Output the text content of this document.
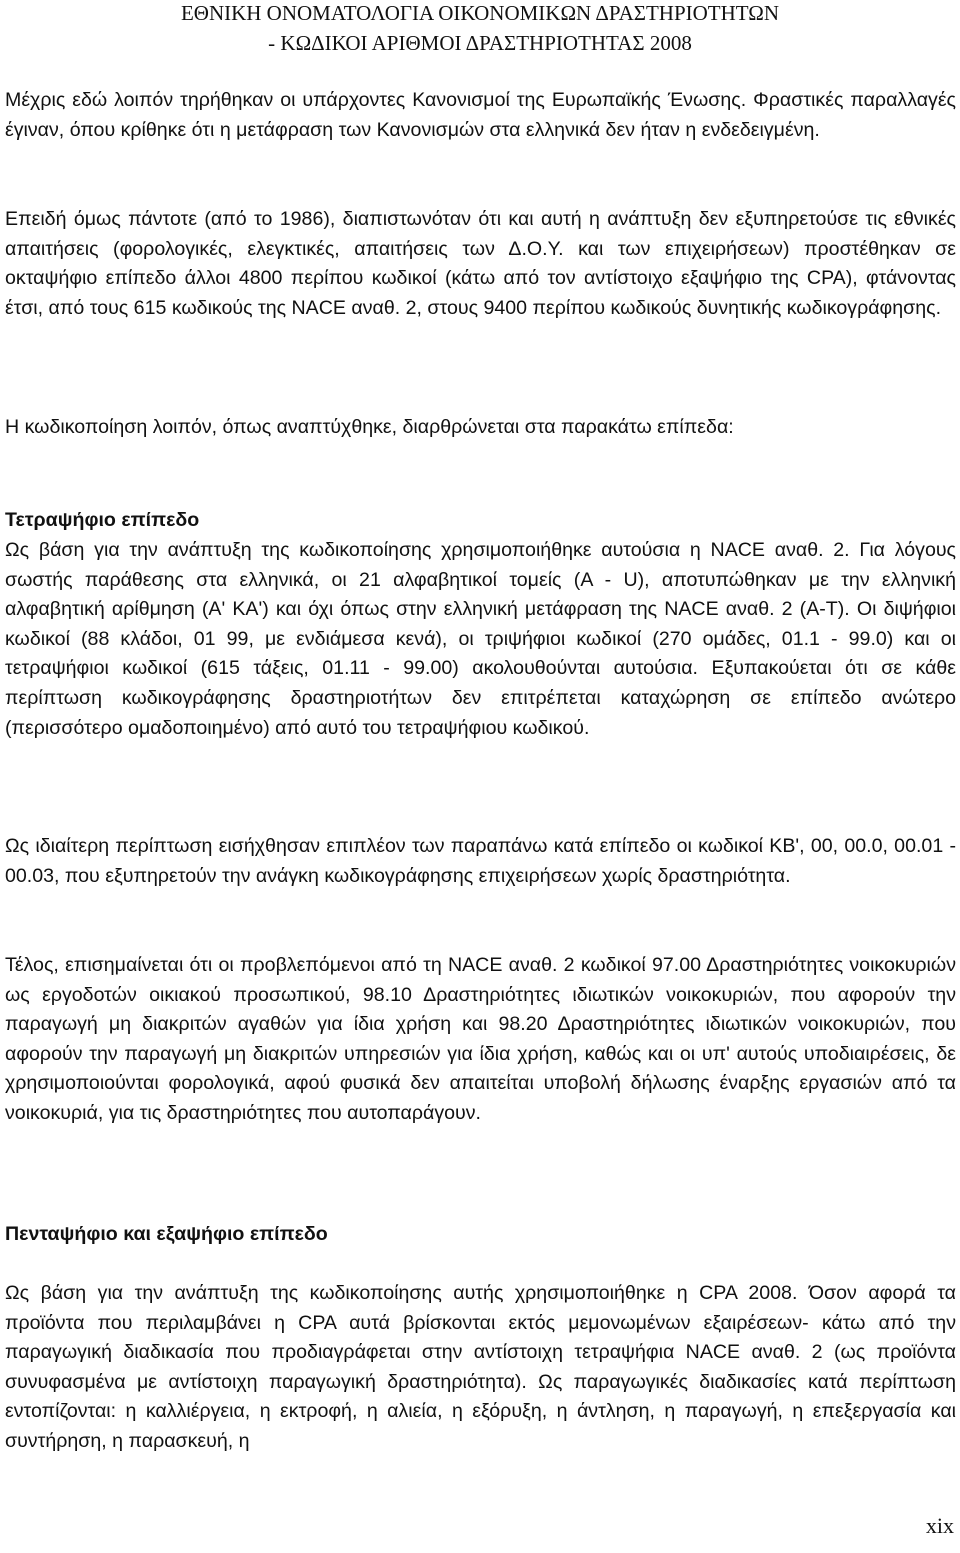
ΕΘΝΙΚΗ ΟΝΟΜΑΤΟΛΟΓΙΑ ΟΙΚΟΝΟΜΙΚΩΝ ΔΡΑΣΤΗΡΙΟΤΗΤΩΝ
- ΚΩΔΙΚΟΙ ΑΡΙΘΜΟΙ ΔΡΑΣΤΗΡΙΟΤΗΤΑΣ 2008

Μέχρις εδώ λοιπόν τηρήθηκαν οι υπάρχοντες Κανονισμοί της Ευρωπαϊκής Ένωσης. Φραστικές παραλλαγές έγιναν, όπου κρίθηκε ότι η μετάφραση των Κανονισμών στα ελληνικά δεν ήταν η ενδεδειγμένη.

Επειδή όμως πάντοτε (από το 1986), διαπιστωνόταν ότι και αυτή η ανάπτυξη δεν εξυπηρετούσε τις εθνικές απαιτήσεις (φορολογικές, ελεγκτικές, απαιτήσεις των Δ.Ο.Υ. και των επιχειρήσεων) προστέθηκαν σε οκταψήφιο επίπεδο άλλοι 4800 περίπου κωδικοί (κάτω από τον αντίστοιχο εξαψήφιο της CPA), φτάνοντας έτσι, από τους 615 κωδικούς της NACE αναθ. 2, στους 9400 περίπου κωδικούς δυνητικής κωδικογράφησης.

Η κωδικοποίηση λοιπόν, όπως αναπτύχθηκε, διαρθρώνεται στα παρακάτω επίπεδα:

Τετραψήφιο επίπεδο

Ως βάση για την ανάπτυξη της κωδικοποίησης χρησιμοποιήθηκε αυτούσια η NACE αναθ. 2. Για λόγους σωστής παράθεσης στα ελληνικά, οι 21 αλφαβητικοί τομείς (A - U), αποτυπώθηκαν με την ελληνική αλφαβητική αρίθμηση (Α' ΚΑ') και όχι όπως στην ελληνική μετάφραση της NACE αναθ. 2 (Α-Τ). Οι διψήφιοι κωδικοί (88 κλάδοι, 01 99, με ενδιάμεσα κενά), οι τριψήφιοι κωδικοί (270 ομάδες, 01.1 - 99.0) και οι τετραψήφιοι κωδικοί (615 τάξεις, 01.11 - 99.00) ακολουθούνται αυτούσια. Εξυπακούεται ότι σε κάθε περίπτωση κωδικογράφησης δραστηριοτήτων δεν επιτρέπεται καταχώρηση σε επίπεδο ανώτερο (περισσότερο ομαδοποιημένο) από αυτό του τετραψήφιου κωδικού.

Ως ιδιαίτερη περίπτωση εισήχθησαν επιπλέον των παραπάνω κατά επίπεδο οι κωδικοί ΚΒ', 00, 00.0, 00.01 - 00.03, που εξυπηρετούν την ανάγκη κωδικογράφησης επιχειρήσεων χωρίς δραστηριότητα.

Τέλος, επισημαίνεται ότι οι προβλεπόμενοι από τη NACE αναθ. 2 κωδικοί 97.00 Δραστηριότητες νοικοκυριών ως εργοδοτών οικιακού προσωπικού, 98.10 Δραστηριότητες ιδιωτικών νοικοκυριών, που αφορούν την παραγωγή μη διακριτών αγαθών για ίδια χρήση και 98.20 Δραστηριότητες ιδιωτικών νοικοκυριών, που αφορούν την παραγωγή μη διακριτών υπηρεσιών για ίδια χρήση, καθώς και οι υπ' αυτούς υποδιαιρέσεις, δε χρησιμοποιούνται φορολογικά, αφού φυσικά δεν απαιτείται υποβολή δήλωσης έναρξης εργασιών από τα νοικοκυριά, για τις δραστηριότητες που αυτοπαράγουν.

Πενταψήφιο και εξαψήφιο επίπεδο

Ως βάση για την ανάπτυξη της κωδικοποίησης αυτής χρησιμοποιήθηκε η CPA 2008. Όσον αφορά τα προϊόντα που περιλαμβάνει η CPA αυτά βρίσκονται εκτός μεμονωμένων εξαιρέσεων- κάτω από την παραγωγική διαδικασία που προδιαγράφεται στην αντίστοιχη τετραψήφια NACE αναθ. 2 (ως προϊόντα συνυφασμένα με αντίστοιχη παραγωγική δραστηριότητα). Ως παραγωγικές διαδικασίες κατά περίπτωση εντοπίζονται: η καλλιέργεια, η εκτροφή, η αλιεία, η εξόρυξη, η άντληση, η παραγωγή, η επεξεργασία και συντήρηση, η παρασκευή, η

xix
